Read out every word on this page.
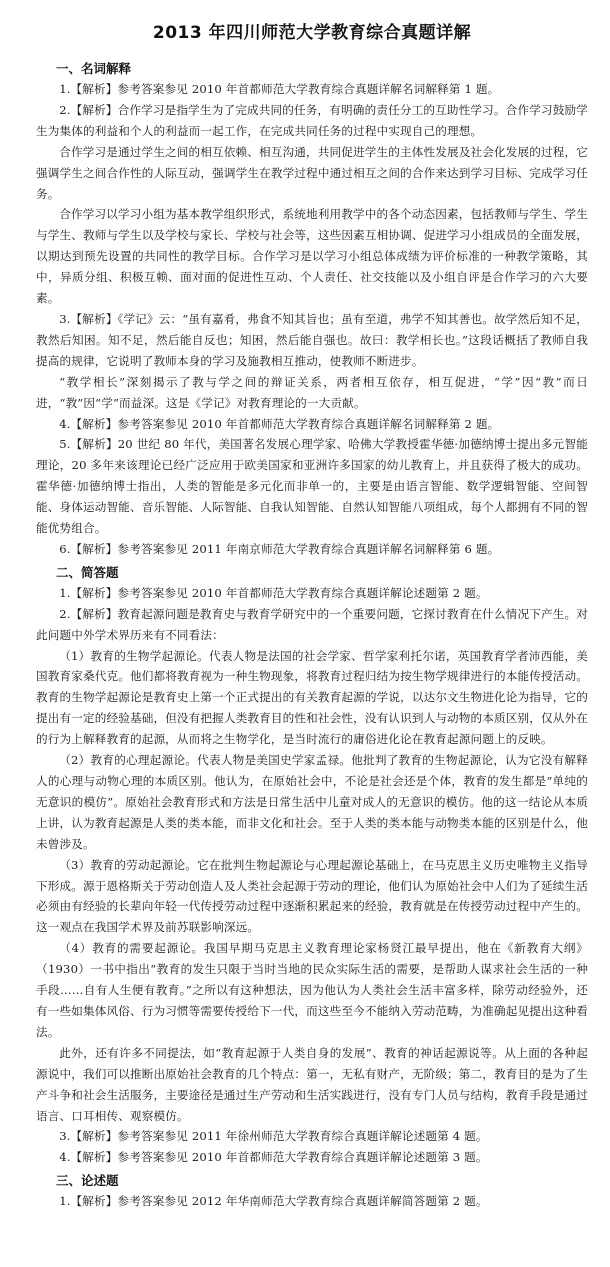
2013 年四川师范大学教育综合真题详解
一、名词解释

1.【解析】参考答案参见 2010 年首都师范大学教育综合真题详解名词解释第 1 题。

2.【解析】合作学习是指学生为了完成共同的任务，有明确的责任分工的互助性学习。合作学习鼓励学生为集体的利益和个人的利益而一起工作，在完成共同任务的过程中实现自己的理想。

合作学习是通过学生之间的相互依赖、相互沟通，共同促进学生的主体性发展及社会化发展的过程，它强调学生之间合作性的人际互动，强调学生在教学过程中通过相互之间的合作来达到学习目标、完成学习任务。

合作学习以学习小组为基本教学组织形式，系统地利用教学中的各个动态因素，包括教师与学生、学生与学生、教师与学生以及学校与家长、学校与社会等，这些因素互相协调、促进学习小组成员的全面发展，以期达到预先设置的共同性的教学目标。合作学习是以学习小组总体成绩为评价标准的一种教学策略，其中，异质分组、积极互赖、面对面的促进性互动、个人责任、社交技能以及小组自评是合作学习的六大要素。

3.【解析】《学记》云：“虽有嘉肴，弗食不知其旨也；虽有至道，弗学不知其善也。故学然后知不足，教然后知困。知不足，然后能自反也；知困，然后能自强也。故曰：教学相长也。”这段话概括了教师自我提高的规律，它说明了教师本身的学习及施教相互推动，使教师不断进步。

“教学相长”深刻揭示了教与学之间的辩证关系，两者相互依存，相互促进，“学”因“教”而日进，“教”因“学”而益深。这是《学记》对教育理论的一大贡献。

4.【解析】参考答案参见 2010 年首都师范大学教育综合真题详解名词解释第 2 题。

5.【解析】20 世纪 80 年代，美国著名发展心理学家、哈佛大学教授霍华德·加德纳博士提出多元智能理论，20 多年来该理论已经广泛应用于欧美国家和亚洲许多国家的幼儿教育上，并且获得了极大的成功。霍华德·加德纳博士指出，人类的智能是多元化而非单一的，主要是由语言智能、数学逻辑智能、空间智能、身体运动智能、音乐智能、人际智能、自我认知智能、自然认知智能八项组成，每个人都拥有不同的智能优势组合。

6.【解析】参考答案参见 2011 年南京师范大学教育综合真题详解名词解释第 6 题。

二、简答题

1.【解析】参考答案参见 2010 年首都师范大学教育综合真题详解论述题第 2 题。

2.【解析】教育起源问题是教育史与教育学研究中的一个重要问题，它探讨教育在什么情况下产生。对此问题中外学术界历来有不同看法：

（1）教育的生物学起源论。代表人物是法国的社会学家、哲学家利托尔诺，英国教育学者沛西能，美国教育家桑代克。他们都将教育视为一种生物现象，将教育过程归结为按生物学规律进行的本能传授活动。教育的生物学起源论是教育史上第一个正式提出的有关教育起源的学说，以达尔文生物进化论为指导，它的提出有一定的经验基础，但没有把握人类教育目的性和社会性，没有认识到人与动物的本质区别，仅从外在的行为上解释教育的起源，从而将之生物学化，是当时流行的庸俗进化论在教育起源问题上的反映。

（2）教育的心理起源论。代表人物是美国史学家孟禄。他批判了教育的生物起源论，认为它没有解释人的心理与动物心理的本质区别。他认为，在原始社会中，不论是社会还是个体，教育的发生都是“单纯的无意识的模仿”。原始社会教育形式和方法是日常生活中儿童对成人的无意识的模仿。他的这一结论从本质上讲，认为教育起源是人类的类本能，而非文化和社会。至于人类的类本能与动物类本能的区别是什么，他未曾涉及。

（3）教育的劳动起源论。它在批判生物起源论与心理起源论基础上，在马克思主义历史唯物主义指导下形成。源于恩格斯关于劳动创造人及人类社会起源于劳动的理论，他们认为原始社会中人们为了延续生活必须由有经验的长辈向年轻一代传授劳动过程中逐渐积累起来的经验，教育就是在传授劳动过程中产生的。这一观点在我国学术界及前苏联影响深远。

（4）教育的需要起源论。我国早期马克思主义教育理论家杨贤江最早提出，他在《新教育大纲》（1930）一书中指出“教育的发生只限于当时当地的民众实际生活的需要，是帮助人谋求社会生活的一种手段……自有人生便有教育。”之所以有这种想法，因为他认为人类社会生活丰富多样，除劳动经验外，还有一些如集体风俗、行为习惯等需要传授给下一代，而这些至今不能纳入劳动范畴，为准确起见提出这种看法。

此外，还有许多不同提法，如“教育起源于人类自身的发展”、教育的神话起源说等。从上面的各种起源说中，我们可以推断出原始社会教育的几个特点：第一，无私有财产，无阶级；第二，教育目的是为了生产斗争和社会生活服务，主要途径是通过生产劳动和生活实践进行，没有专门人员与结构，教育手段是通过语言、口耳相传、观察模仿。

3.【解析】参考答案参见 2011 年徐州师范大学教育综合真题详解论述题第 4 题。

4.【解析】参考答案参见 2010 年首都师范大学教育综合真题详解论述题第 3 题。

三、论述题

1.【解析】参考答案参见 2012 年华南师范大学教育综合真题详解简答题第 2 题。
